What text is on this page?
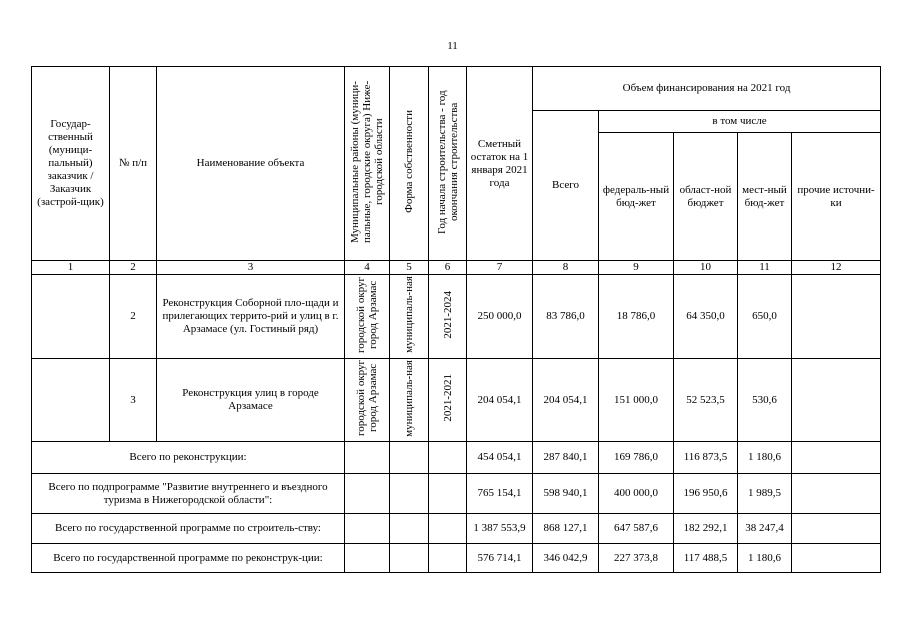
11
Государ-ственный (муници-пальный) заказчик / Заказчик (застрой-щик)	№ п/п	Наименование объекта	Муниципальные районы (муници-пальные, городские округа) Ниже-городской области	Форма собственности	Год начала строительства - год окончания строительства	Сметный остаток на 1 января 2021 года	Объем финансирования на 2021 год				
							Всего	в том числе			
								федераль-ный бюд-жет	област-ной бюджет	мест-ный бюд-жет	прочие источни-ки
1	2	3	4	5	6	7	8	9	10	11	12
	2	Реконструкция Соборной пло-щади и прилегающих террито-рий и улиц в г. Арзамасе (ул. Гостиный ряд)	городской округ город Арзамас	муниципаль-ная	2021-2024	250 000,0	83 786,0	18 786,0	64 350,0	650,0	
	3	Реконструкция улиц в городе Арзамасе	городской округ город Арзамас	муниципаль-ная	2021-2021	204 054,1	204 054,1	151 000,0	52 523,5	530,6	
Всего по реконструкции:						454 054,1	287 840,1	169 786,0	116 873,5	1 180,6	
Всего по подпрограмме "Развитие внутреннего и въездного туризма в Нижегородской области":						765 154,1	598 940,1	400 000,0	196 950,6	1 989,5	
Всего по государственной программе по строитель-ству:						1 387 553,9	868 127,1	647 587,6	182 292,1	38 247,4	
Всего по государственной программе по реконструк-ции:						576 714,1	346 042,9	227 373,8	117 488,5	1 180,6	
